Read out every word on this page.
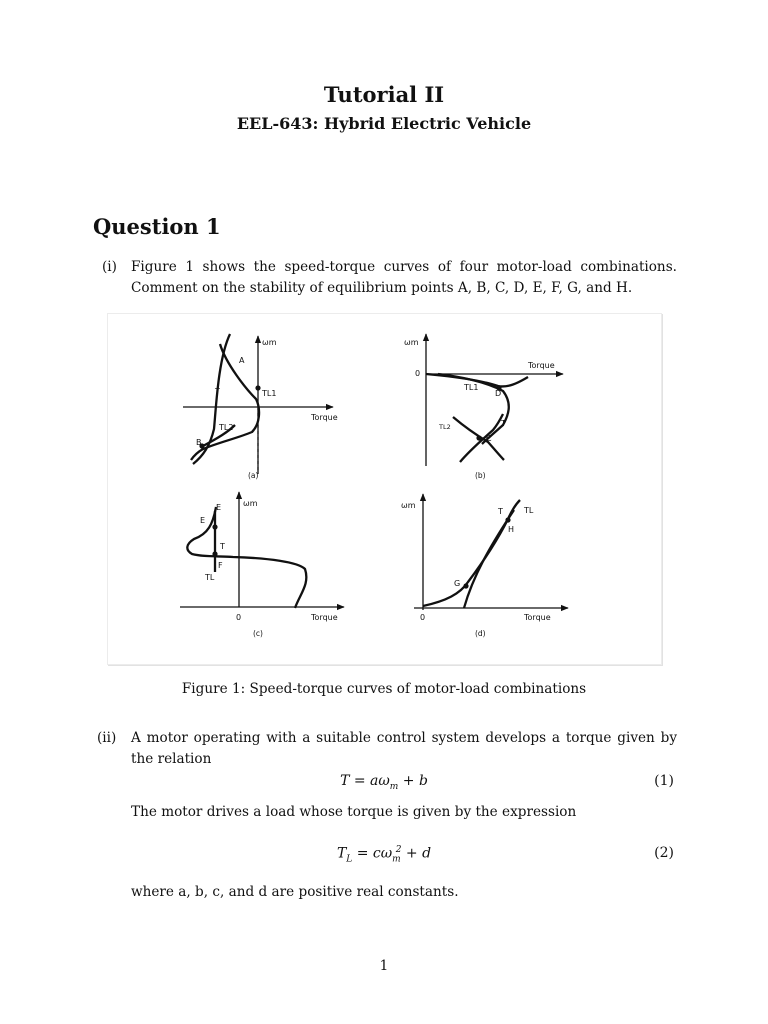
Tutorial II
EEL-643: Hybrid Electric Vehicle
Question 1
(i) Figure 1 shows the speed-torque curves of four motor-load combinations. Comment on the stability of equilibrium points A, B, C, D, E, F, G, and H.
ωm
A
T	TL1
Torque
TL2
B
(a)
ωm
0
Torque
TL1
D
TL2	T
C
(b)
ωm
E
E
T
F
TL
0	Torque
(c)
ωm
T	TL
H
G
0	Torque
(d)
Figure 1: Speed-torque curves of motor-load combinations
(ii) A motor operating with a suitable control system develops a torque given by the relation
$T = a\omega_m + b$	(1)
The motor drives a load whose torque is given by the expression
$T_L = c\omega_m^2 + d$	(2)
where a, b, c, and d are positive real constants.
1
